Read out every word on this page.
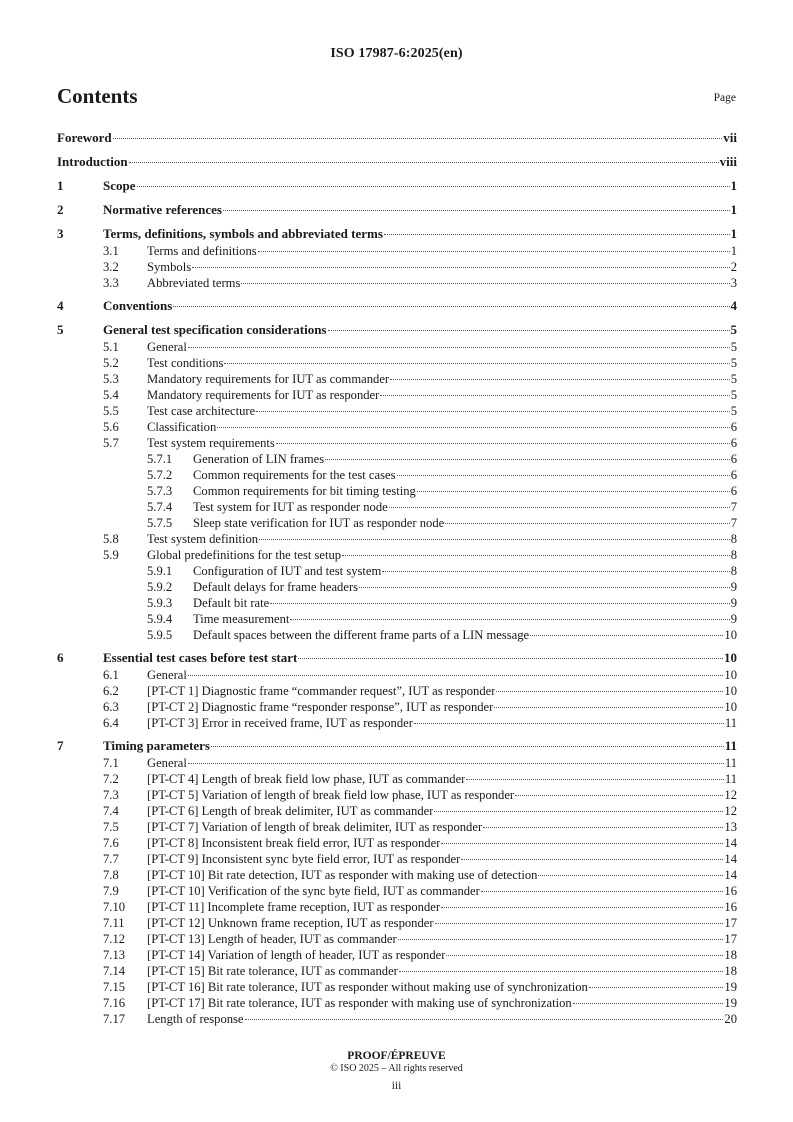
ISO 17987-6:2025(en)
Contents	Page
Foreword	vii
Introduction	viii
1	Scope	1
2	Normative references	1
3	Terms, definitions, symbols and abbreviated terms	1
3.1	Terms and definitions	1
3.2	Symbols	2
3.3	Abbreviated terms	3
4	Conventions	4
5	General test specification considerations	5
5.1	General	5
5.2	Test conditions	5
5.3	Mandatory requirements for IUT as commander	5
5.4	Mandatory requirements for IUT as responder	5
5.5	Test case architecture	5
5.6	Classification	6
5.7	Test system requirements	6
5.7.1	Generation of LIN frames	6
5.7.2	Common requirements for the test cases	6
5.7.3	Common requirements for bit timing testing	6
5.7.4	Test system for IUT as responder node	7
5.7.5	Sleep state verification for IUT as responder node	7
5.8	Test system definition	8
5.9	Global predefinitions for the test setup	8
5.9.1	Configuration of IUT and test system	8
5.9.2	Default delays for frame headers	9
5.9.3	Default bit rate	9
5.9.4	Time measurement	9
5.9.5	Default spaces between the different frame parts of a LIN message	10
6	Essential test cases before test start	10
6.1	General	10
6.2	[PT-CT 1] Diagnostic frame “commander request”, IUT as responder	10
6.3	[PT-CT 2] Diagnostic frame “responder response”, IUT as responder	10
6.4	[PT-CT 3] Error in received frame, IUT as responder	11
7	Timing parameters	11
7.1	General	11
7.2	[PT-CT 4] Length of break field low phase, IUT as commander	11
7.3	[PT-CT 5] Variation of length of break field low phase, IUT as responder	12
7.4	[PT-CT 6] Length of break delimiter, IUT as commander	12
7.5	[PT-CT 7] Variation of length of break delimiter, IUT as responder	13
7.6	[PT-CT 8] Inconsistent break field error, IUT as responder	14
7.7	[PT-CT 9] Inconsistent sync byte field error, IUT as responder	14
7.8	[PT-CT 10] Bit rate detection, IUT as responder with making use of detection	14
7.9	[PT-CT 10] Verification of the sync byte field, IUT as commander	16
7.10	[PT-CT 11] Incomplete frame reception, IUT as responder	16
7.11	[PT-CT 12] Unknown frame reception, IUT as responder	17
7.12	[PT-CT 13] Length of header, IUT as commander	17
7.13	[PT-CT 14] Variation of length of header, IUT as responder	18
7.14	[PT-CT 15] Bit rate tolerance, IUT as commander	18
7.15	[PT-CT 16] Bit rate tolerance, IUT as responder without making use of synchronization	19
7.16	[PT-CT 17] Bit rate tolerance, IUT as responder with making use of synchronization	19
7.17	Length of response	20
PROOF/ÉPREUVE
© ISO 2025 – All rights reserved
iii
